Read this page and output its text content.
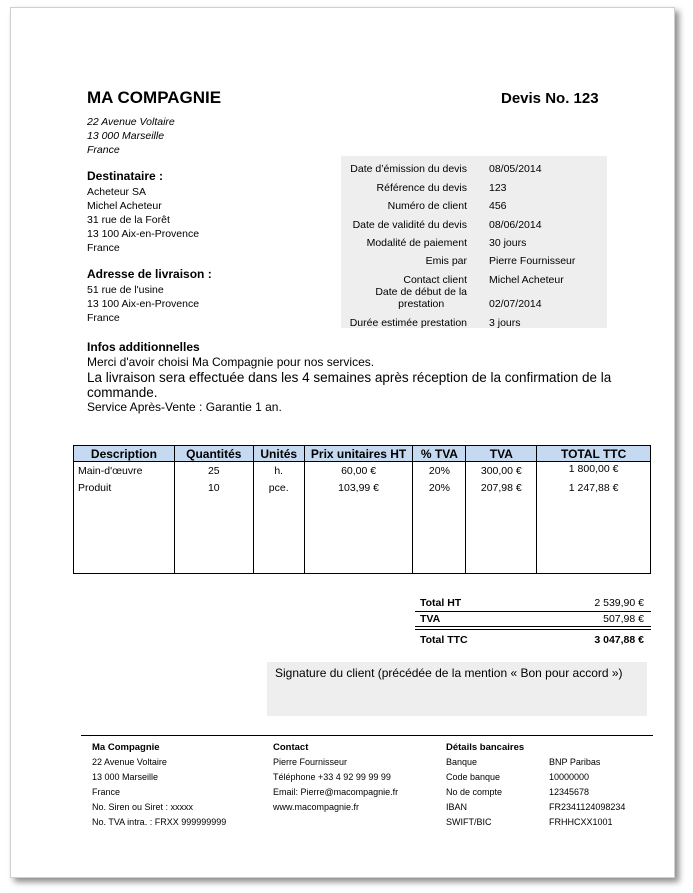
MA COMPAGNIE	Devis No. 123
22 Avenue Voltaire
13 000 Marseille
France
Destinataire :
Acheteur SA
Michel Acheteur
31 rue de la Forêt
13 100 Aix-en-Provence
France
Adresse de livraison :
51 rue de l'usine
13 100 Aix-en-Provence
France
Date d’émission du devis 08/05/2014
Référence du devis 123
Numéro de client 456
Date de validité du devis 08/06/2014
Modalité de paiement 30 jours
Emis par Pierre Fournisseur
Contact client Michel Acheteur
Date de début de la
prestation	02/07/2014
Durée estimée prestation 3 jours
Infos additionnelles
Merci d'avoir choisi Ma Compagnie pour nos services.
La livraison sera effectuée dans les 4 semaines après réception de la confirmation de la commande.
Service Après-Vente : Garantie 1 an.
Description	Quantités	Unités	Prix unitaires HT	% TVA	TVA	TOTAL TTC
Main-d'œuvre	25	h.	60,00 €	20%	300,00 €	1 800,00 €
Produit	10	pce.	103,99 €	20%	207,98 €	1 247,88 €

Total HT	2 539,90 €
TVA	507,98 €
Total TTC	3 047,88 €
Signature du client (précédée de la mention « Bon pour accord »)
Ma Compagnie
22 Avenue Voltaire
13 000 Marseille
France
No. Siren ou Siret : xxxxx
No. TVA intra. : FRXX 999999999
Contact
Pierre Fournisseur
Téléphone +33 4 92 99 99 99
Email: Pierre@macompagnie.fr
www.macompagnie.fr
Détails bancaires
Banque	BNP Paribas
Code banque	10000000
No de compte	12345678
IBAN	FR2341124098234
SWIFT/BIC	FRHHCXX1001
